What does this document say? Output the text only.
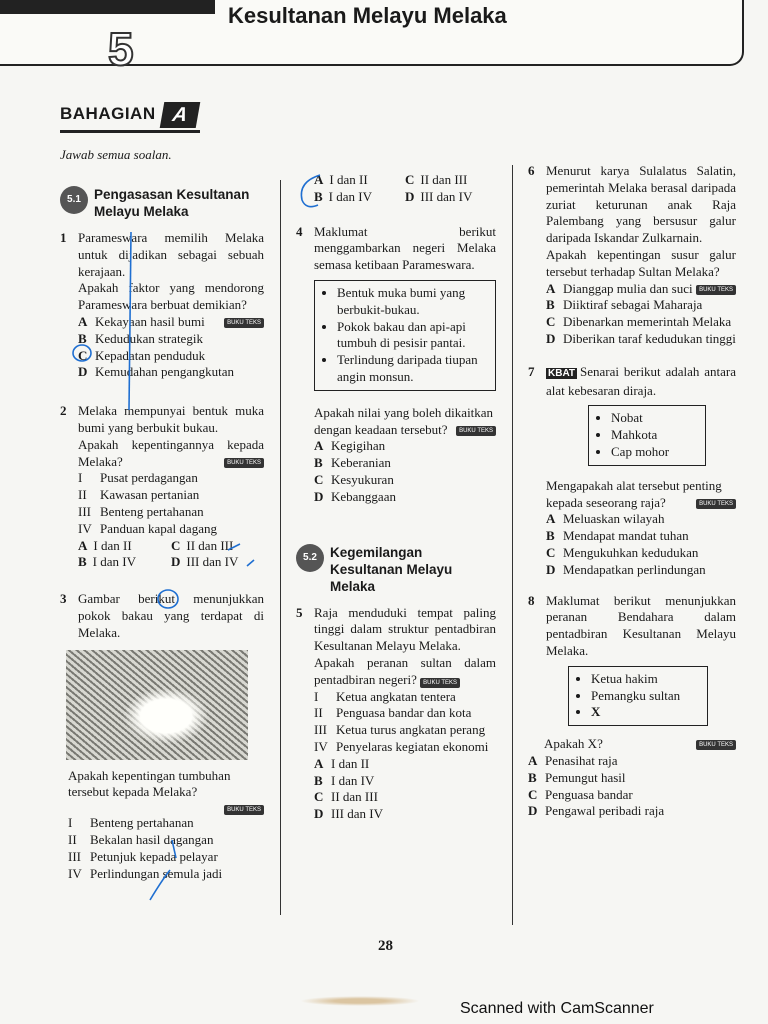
5
Kesultanan Melayu Melaka
BAHAGIAN A
Jawab semua soalan.
5.1 Pengasasan Kesultanan Melayu Melaka
1 Parameswara memilih Melaka untuk dijadikan sebagai sebuah kerajaan.
Apakah faktor yang mendorong Parameswara berbuat demikian?
BUKU TEKS
A Kekayaan hasil bumi
B Kedudukan strategik
C Kepadatan penduduk
D Kemudahan pengangkutan
2 Melaka mempunyai bentuk muka bumi yang berbukit bukau.
Apakah kepentingannya kepada Melaka?	BUKU TEKS
I	Pusat perdagangan
II	Kawasan pertanian
III Benteng pertahanan
IV Panduan kapal dagang
A I dan II	C II dan III
B I dan IV	D III dan IV
3 Gambar berikut menunjukkan pokok bakau yang terdapat di Melaka.
Apakah kepentingan tumbuhan tersebut kepada Melaka?
BUKU TEKS
I	Benteng pertahanan
II	Bekalan hasil dagangan
III Petunjuk kepada pelayar
IV Perlindungan semula jadi
A I dan II	C II dan III
B I dan IV	D III dan IV
4 Maklumat berikut menggambarkan negeri Melaka semasa ketibaan Parameswara.
• Bentuk muka bumi yang berbukit-bukau.
• Pokok bakau dan api-api tumbuh di pesisir pantai.
• Terlindung daripada tiupan angin monsun.
Apakah nilai yang boleh dikaitkan dengan keadaan tersebut?	BUKU TEKS
A Kegigihan
B Keberanian
C Kesyukuran
D Kebanggaan
5.2 Kegemilangan Kesultanan Melayu Melaka
5 Raja menduduki tempat paling tinggi dalam struktur pentadbiran Kesultanan Melayu Melaka.
Apakah peranan sultan dalam pentadbiran negeri? BUKU TEKS
I	Ketua angkatan tentera
II	Penguasa bandar dan kota
III Ketua turus angkatan perang
IV Penyelaras kegiatan ekonomi
A I dan II
B I dan IV
C II dan III
D III dan IV
6 Menurut karya Sulalatus Salatin, pemerintah Melaka berasal daripada zuriat keturunan anak Raja Palembang yang bersusur galur daripada Iskandar Zulkarnain.
Apakah kepentingan susur galur tersebut terhadap Sultan Melaka?
BUKU TEKS
A Dianggap mulia dan suci
B Diiktiraf sebagai Maharaja
C Dibenarkan memerintah Melaka
D Diberikan taraf kedudukan tinggi
7	KBAT Senarai berikut adalah antara alat kebesaran diraja.
• Nobat
• Mahkota
• Cap mohor
Mengapakah alat tersebut penting kepada seseorang raja?	BUKU TEKS
A Meluaskan wilayah
B Mendapat mandat tuhan
C Mengukuhkan kedudukan
D Mendapatkan perlindungan
8 Maklumat berikut menunjukkan peranan Bendahara dalam pentadbiran Kesultanan Melayu Melaka.
• Ketua hakim
• Pemangku sultan
• X
Apakah X?	BUKU TEKS
A Penasihat raja
B Pemungut hasil
C Penguasa bandar
D Pengawal peribadi raja
28
Scanned with CamScanner
